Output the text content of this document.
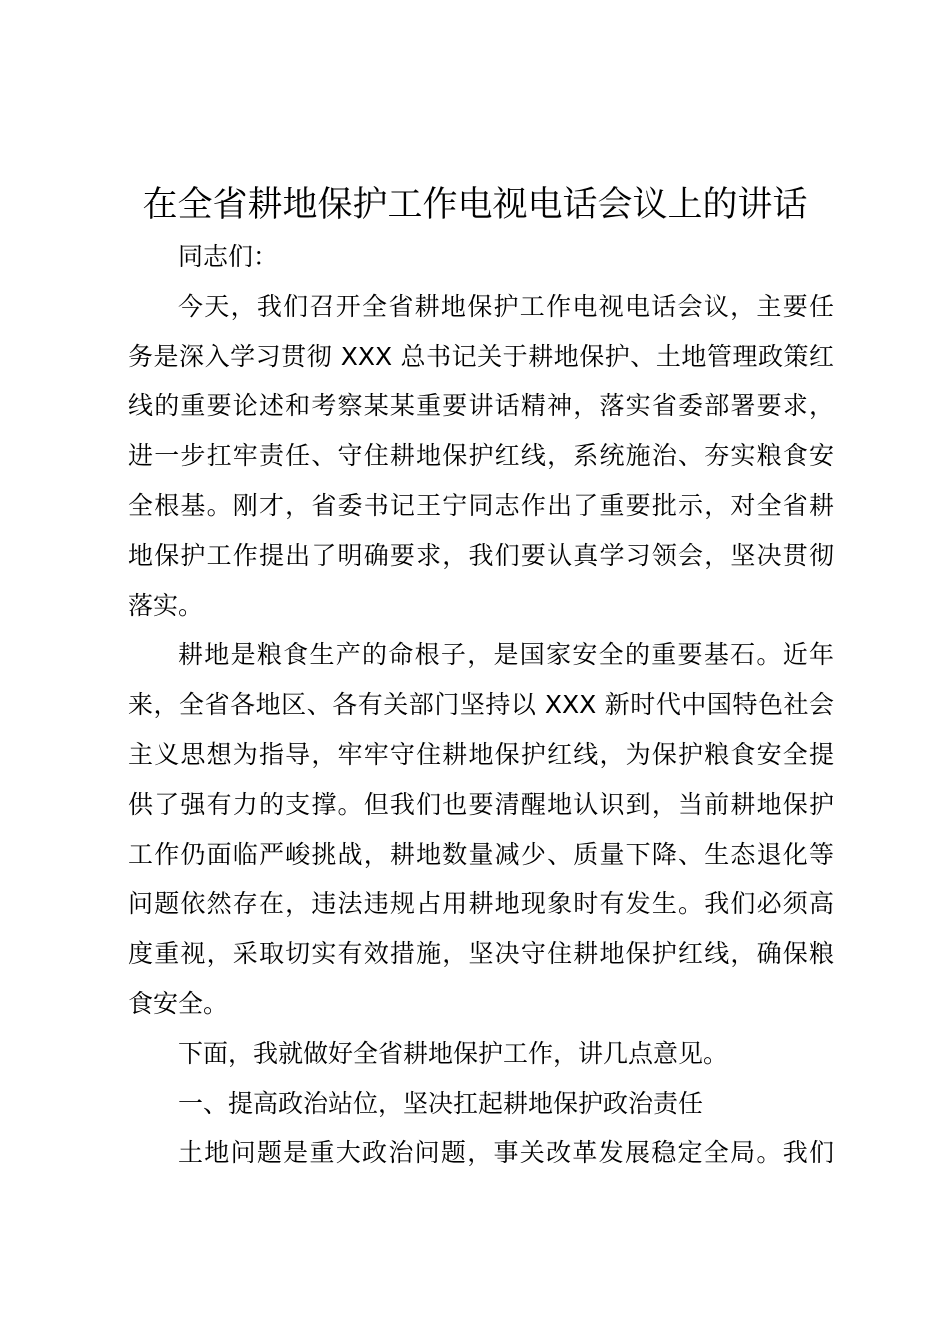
在全省耕地保护工作电视电话会议上的讲话
同志们：
今天，我们召开全省耕地保护工作电视电话会议，主要任
务是深入学习贯彻 XXX 总书记关于耕地保护、土地管理政策红
线的重要论述和考察某某重要讲话精神，落实省委部署要求，
进一步扛牢责任、守住耕地保护红线，系统施治、夯实粮食安
全根基。刚才，省委书记王宁同志作出了重要批示，对全省耕
地保护工作提出了明确要求，我们要认真学习领会，坚决贯彻
落实。
耕地是粮食生产的命根子，是国家安全的重要基石。近年
来，全省各地区、各有关部门坚持以 XXX 新时代中国特色社会
主义思想为指导，牢牢守住耕地保护红线，为保护粮食安全提
供了强有力的支撑。但我们也要清醒地认识到，当前耕地保护
工作仍面临严峻挑战，耕地数量减少、质量下降、生态退化等
问题依然存在，违法违规占用耕地现象时有发生。我们必须高
度重视，采取切实有效措施，坚决守住耕地保护红线，确保粮
食安全。
下面，我就做好全省耕地保护工作，讲几点意见。
一、提高政治站位，坚决扛起耕地保护政治责任
土地问题是重大政治问题，事关改革发展稳定全局。我们
